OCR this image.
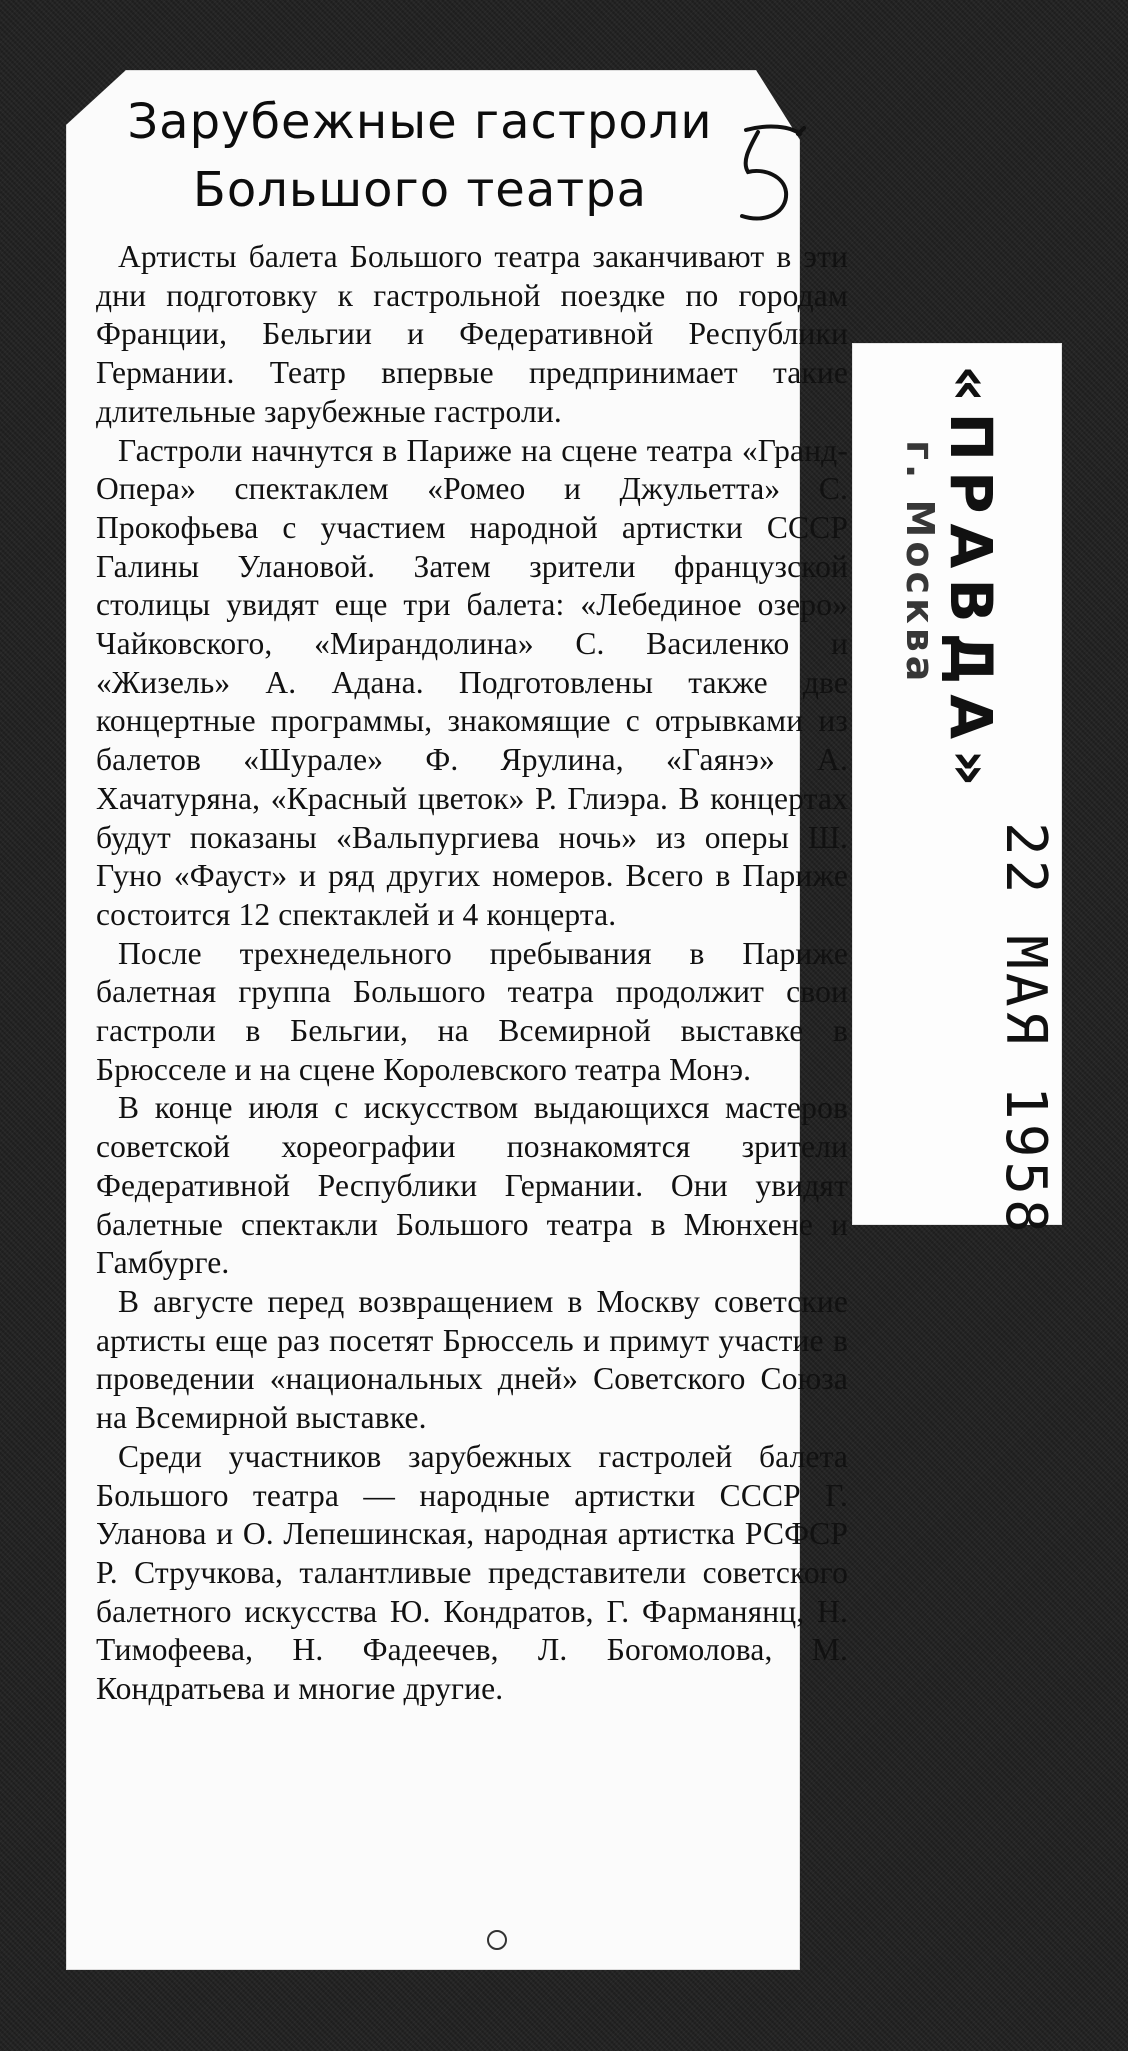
Зарубежные гастроли
Большого театра

Артисты балета Большого театра заканчивают в эти дни подготовку к гастрольной поездке по городам Франции, Бельгии и Федеративной Республики Германии. Театр впервые предпринимает такие длительные зарубежные гастроли.

Гастроли начнутся в Париже на сцене театра «Гранд-Опера» спектаклем «Ромео и Джульетта» С. Прокофьева с участием народной артистки СССР Галины Улановой. Затем зрители французской столицы увидят еще три балета: «Лебединое озеро» Чайковского, «Мирандолина» С. Василенко и «Жизель» А. Адана. Подготовлены также две концертные программы, знакомящие с отрывками из балетов «Шурале» Ф. Ярулина, «Гаянэ» А. Хачатуряна, «Красный цветок» Р. Глиэра. В концертах будут показаны «Вальпургиева ночь» из оперы Ш. Гуно «Фауст» и ряд других номеров. Всего в Париже состоится 12 спектаклей и 4 концерта.

После трехнедельного пребывания в Париже балетная группа Большого театра продолжит свои гастроли в Бельгии, на Всемирной выставке в Брюсселе и на сцене Королевского театра Монэ.

В конце июля с искусством выдающихся мастеров советской хореографии познакомятся зрители Федеративной Республики Германии. Они увидят балетные спектакли Большого театра в Мюнхене и Гамбурге.

В августе перед возвращением в Москву советские артисты еще раз посетят Брюссель и примут участие в проведении «национальных дней» Советского Союза на Всемирной выставке.

Среди участников зарубежных гастролей балета Большого театра — народные артистки СССР Г. Уланова и О. Лепешинская, народная артистка РСФСР Р. Стручкова, талантливые представители советского балетного искусства Ю. Кондратов, Г. Фарманянц, Н. Тимофеева, Н. Фадеечев, Л. Богомолова, М. Кондратьева и многие другие.

«ПРАВДА»
г. Москва
22 МАЯ 1958
